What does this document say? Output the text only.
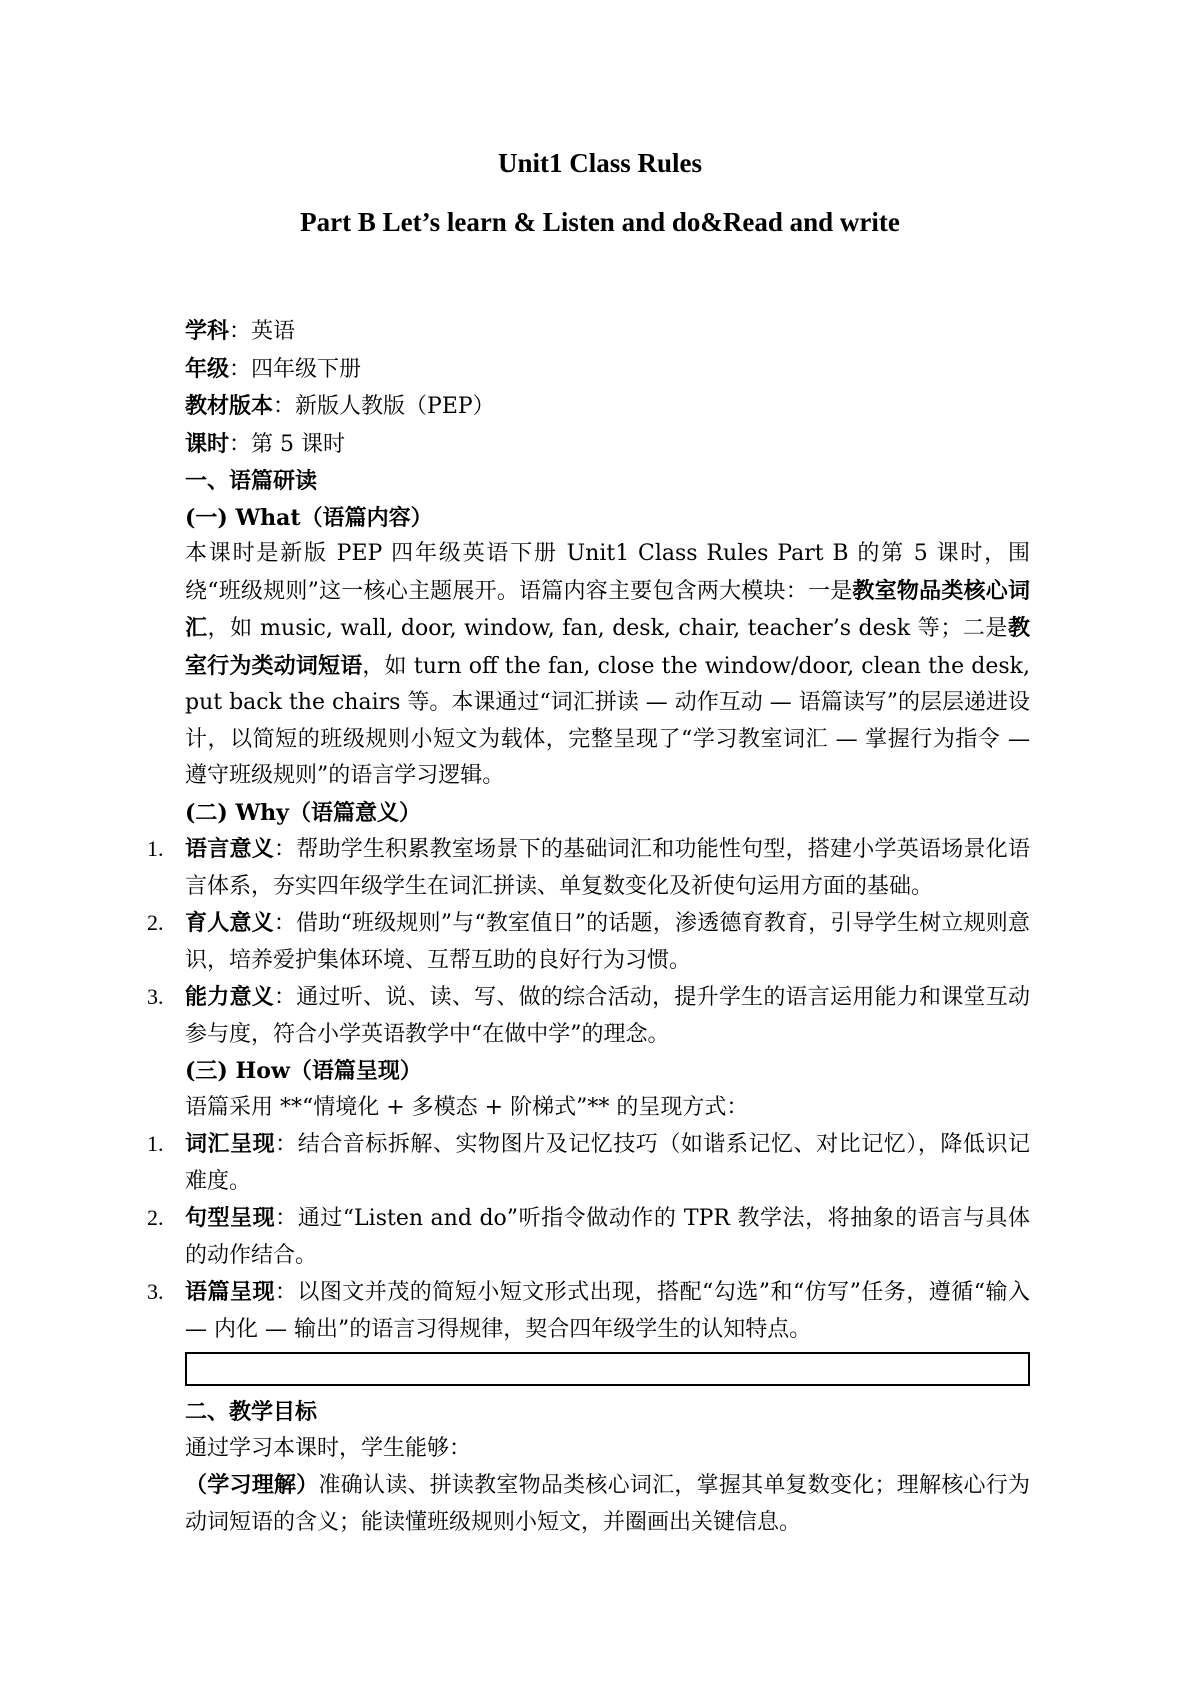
Unit1 Class Rules
Part B Let’s learn & Listen and do&Read and write

学科：英语

年级：四年级下册

教材版本：新版人教版（PEP）

课时：第 5 课时

一、语篇研读

(一) What（语篇内容）

本课时是新版 PEP 四年级英语下册 Unit1 Class Rules Part B 的第 5 课时，围绕“班级规则”这一核心主题展开。语篇内容主要包含两大模块：一是教室物品类核心词汇，如 music, wall, door, window, fan, desk, chair, teacher’s desk 等；二是教室行为类动词短语，如 turn off the fan, close the window/door, clean the desk, put back the chairs 等。本课通过“词汇拼读 — 动作互动 — 语篇读写”的层层递进设计，以简短的班级规则小短文为载体，完整呈现了“学习教室词汇 — 掌握行为指令 — 遵守班级规则”的语言学习逻辑。

(二) Why（语篇意义）

1. 语言意义：帮助学生积累教室场景下的基础词汇和功能性句型，搭建小学英语场景化语言体系，夯实四年级学生在词汇拼读、单复数变化及祈使句运用方面的基础。

2. 育人意义：借助“班级规则”与“教室值日”的话题，渗透德育教育，引导学生树立规则意识，培养爱护集体环境、互帮互助的良好行为习惯。

3. 能力意义：通过听、说、读、写、做的综合活动，提升学生的语言运用能力和课堂互动参与度，符合小学英语教学中“在做中学”的理念。

(三) How（语篇呈现）

语篇采用 **“情境化 + 多模态 + 阶梯式”** 的呈现方式：

1. 词汇呈现：结合音标拆解、实物图片及记忆技巧（如谐系记忆、对比记忆），降低识记难度。

2. 句型呈现：通过“Listen and do”听指令做动作的 TPR 教学法，将抽象的语言与具体的动作结合。

3. 语篇呈现：以图文并茂的简短小短文形式出现，搭配“勾选”和“仿写”任务，遵循“输入 — 内化 — 输出”的语言习得规律，契合四年级学生的认知特点。

二、教学目标

通过学习本课时，学生能够：

（学习理解）准确认读、拼读教室物品类核心词汇，掌握其单复数变化；理解核心行为动词短语的含义；能读懂班级规则小短文，并圈画出关键信息。
